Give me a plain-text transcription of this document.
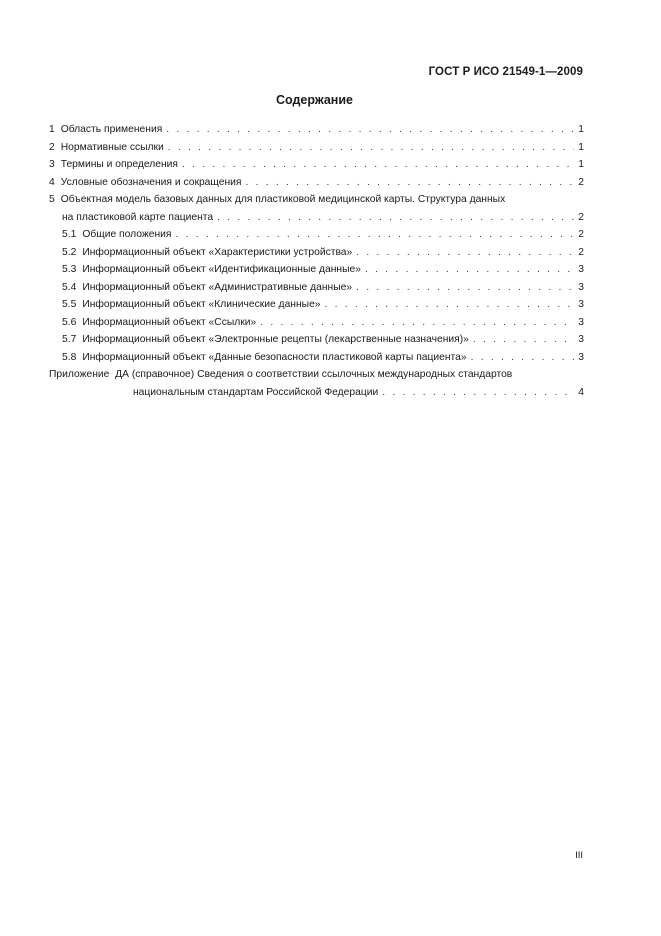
ГОСТ Р ИСО 21549-1—2009
Содержание
1 Область применения . . .	1
2 Нормативные ссылки . . .	1
3 Термины и определения . . .	1
4 Условные обозначения и сокращения . . .	2
5 Объектная модель базовых данных для пластиковой медицинской карты. Структура данных
на пластиковой карте пациента . . .	2
5.1 Общие положения . . .	2
5.2 Информационный объект «Характеристики устройства» . . .	2
5.3 Информационный объект «Идентификационные данные» . . .	3
5.4 Информационный объект «Административные данные» . . .	3
5.5 Информационный объект «Клинические данные» . . .	3
5.6 Информационный объект «Ссылки» . . .	3
5.7 Информационный объект «Электронные рецепты (лекарственные назначения)» . . .	3
5.8 Информационный объект «Данные безопасности пластиковой карты пациента» . . .	3
Приложение  ДА (справочное) Сведения о соответствии ссылочных международных стандартов
национальным стандартам Российской Федерации . . .	4
III
